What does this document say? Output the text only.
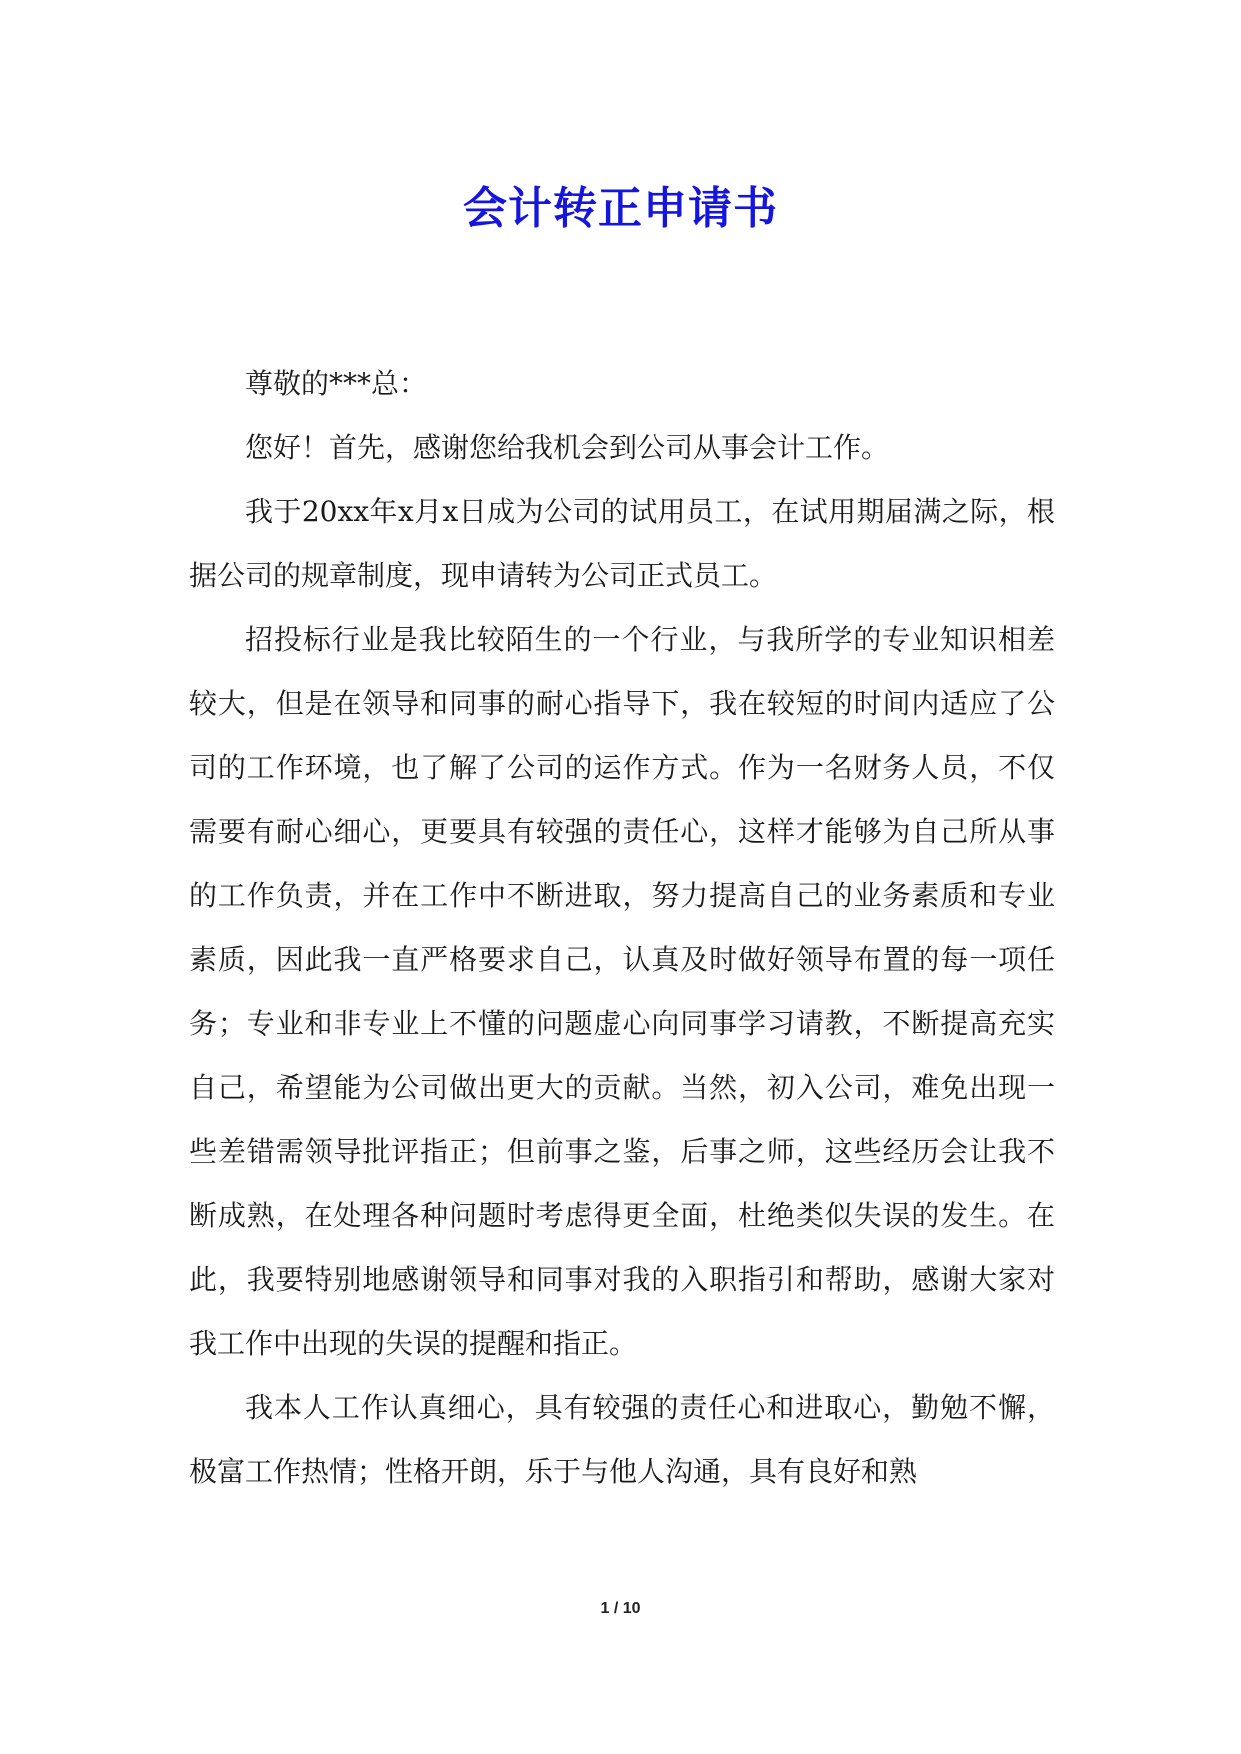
会计转正申请书

尊敬的***总：

您好！首先，感谢您给我机会到公司从事会计工作。

我于20xx年x月x日成为公司的试用员工，在试用期届满之际，根据公司的规章制度，现申请转为公司正式员工。

招投标行业是我比较陌生的一个行业，与我所学的专业知识相差较大，但是在领导和同事的耐心指导下，我在较短的时间内适应了公司的工作环境，也了解了公司的运作方式。作为一名财务人员，不仅需要有耐心细心，更要具有较强的责任心，这样才能够为自己所从事的工作负责，并在工作中不断进取，努力提高自己的业务素质和专业素质，因此我一直严格要求自己，认真及时做好领导布置的每一项任务；专业和非专业上不懂的问题虚心向同事学习请教，不断提高充实自己，希望能为公司做出更大的贡献。当然，初入公司，难免出现一些差错需领导批评指正；但前事之鉴，后事之师，这些经历会让我不断成熟，在处理各种问题时考虑得更全面，杜绝类似失误的发生。在此，我要特别地感谢领导和同事对我的入职指引和帮助，感谢大家对我工作中出现的失误的提醒和指正。

我本人工作认真细心，具有较强的责任心和进取心，勤勉不懈，极富工作热情；性格开朗，乐于与他人沟通，具有良好和熟

1 / 10
